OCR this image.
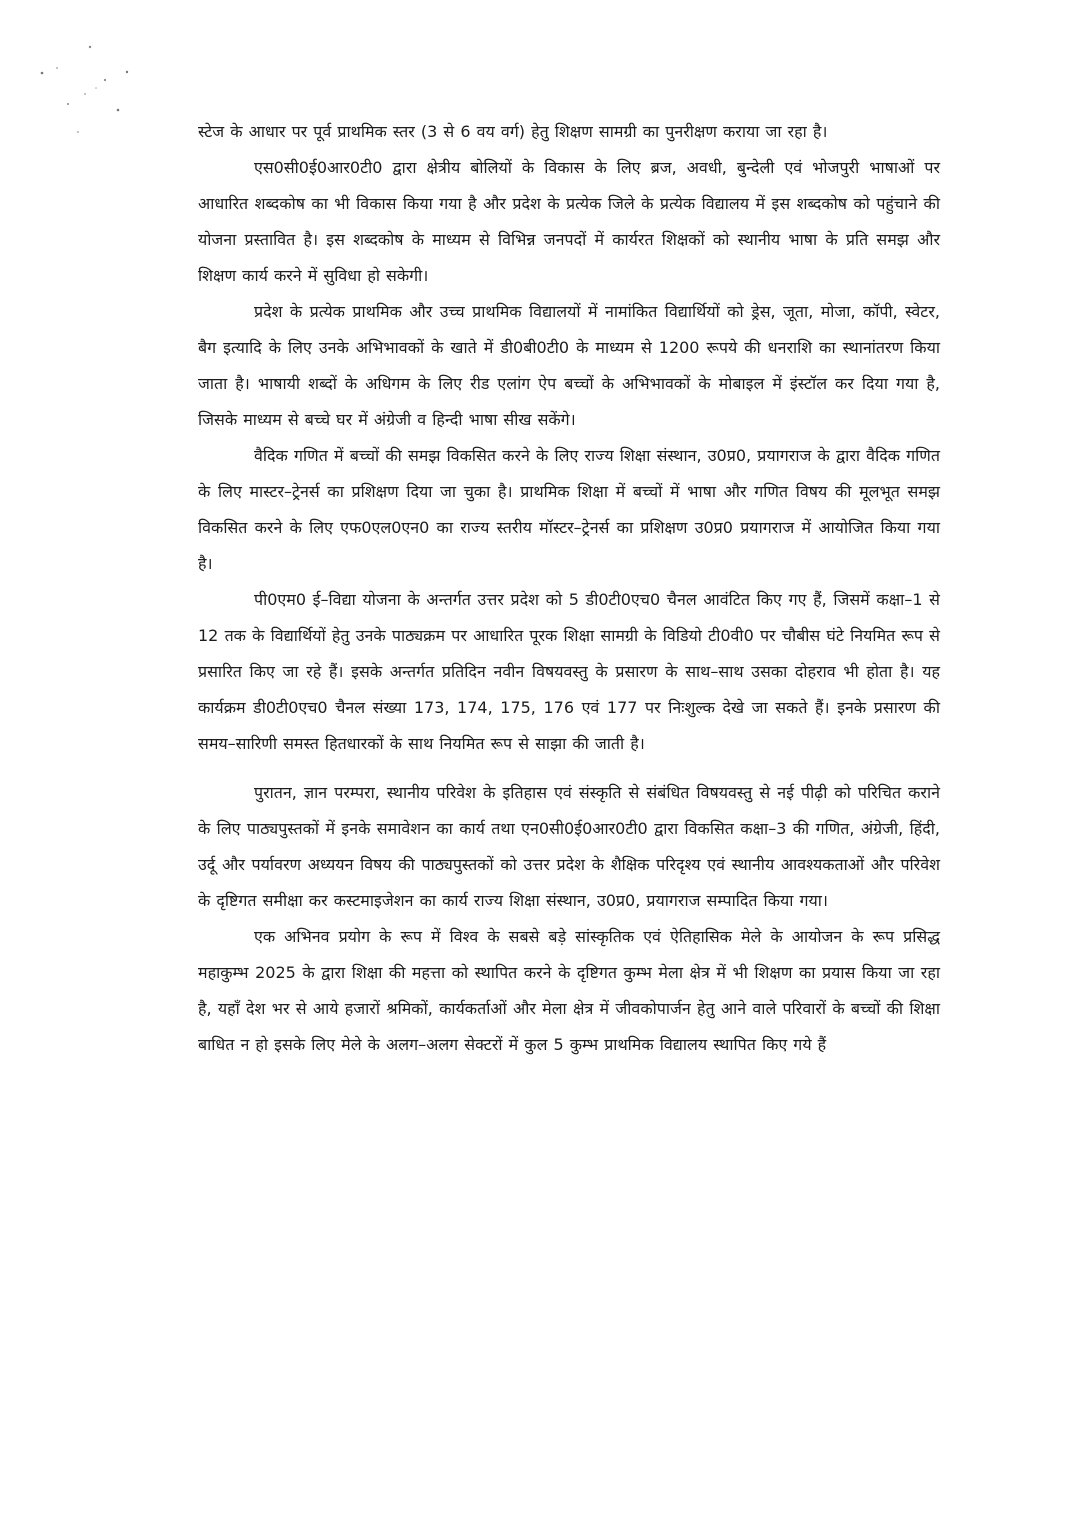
स्टेज के आधार पर पूर्व प्राथमिक स्तर (3 से 6 वय वर्ग) हेतु शिक्षण सामग्री का पुनरीक्षण कराया जा रहा है।

एस0सी0ई0आर0टी0 द्वारा क्षेत्रीय बोलियों के विकास के लिए ब्रज, अवधी, बुन्देली एवं भोजपुरी भाषाओं पर आधारित शब्दकोष का भी विकास किया गया है और प्रदेश के प्रत्येक जिले के प्रत्येक विद्यालय में इस शब्दकोष को पहुंचाने की योजना प्रस्तावित है। इस शब्दकोष के माध्यम से विभिन्न जनपदों में कार्यरत शिक्षकों को स्थानीय भाषा के प्रति समझ और शिक्षण कार्य करने में सुविधा हो सकेगी।

प्रदेश के प्रत्येक प्राथमिक और उच्च प्राथमिक विद्यालयों में नामांकित विद्यार्थियों को ड्रेस, जूता, मोजा, कॉपी, स्वेटर, बैग इत्यादि के लिए उनके अभिभावकों के खाते में डी0बी0टी0 के माध्यम से 1200 रूपये की धनराशि का स्थानांतरण किया जाता है। भाषायी शब्दों के अधिगम के लिए रीड एलांग ऐप बच्चों के अभिभावकों के मोबाइल में इंस्टॉल कर दिया गया है, जिसके माध्यम से बच्चे घर में अंग्रेजी व हिन्दी भाषा सीख सकेंगे।

वैदिक गणित में बच्चों की समझ विकसित करने के लिए राज्य शिक्षा संस्थान, उ0प्र0, प्रयागराज के द्वारा वैदिक गणित के लिए मास्टर–ट्रेनर्स का प्रशिक्षण दिया जा चुका है। प्राथमिक शिक्षा में बच्चों में भाषा और गणित विषय की मूलभूत समझ विकसित करने के लिए एफ0एल0एन0 का राज्य स्तरीय मॉस्टर–ट्रेनर्स का प्रशिक्षण उ0प्र0 प्रयागराज में आयोजित किया गया है।

पी0एम0 ई–विद्या योजना के अन्तर्गत उत्तर प्रदेश को 5 डी0टी0एच0 चैनल आवंटित किए गए हैं, जिसमें कक्षा–1 से 12 तक के विद्यार्थियों हेतु उनके पाठ्यक्रम पर आधारित पूरक शिक्षा सामग्री के विडियो टी0वी0 पर चौबीस घंटे नियमित रूप से प्रसारित किए जा रहे हैं। इसके अन्तर्गत प्रतिदिन नवीन विषयवस्तु के प्रसारण के साथ–साथ उसका दोहराव भी होता है। यह कार्यक्रम डी0टी0एच0 चैनल संख्या 173, 174, 175, 176 एवं 177 पर निःशुल्क देखे जा सकते हैं। इनके प्रसारण की समय–सारिणी समस्त हितधारकों के साथ नियमित रूप से साझा की जाती है।

पुरातन, ज्ञान परम्परा, स्थानीय परिवेश के इतिहास एवं संस्कृति से संबंधित विषयवस्तु से नई पीढ़ी को परिचित कराने के लिए पाठ्यपुस्तकों में इनके समावेशन का कार्य तथा एन0सी0ई0आर0टी0 द्वारा विकसित कक्षा–3 की गणित, अंग्रेजी, हिंदी, उर्दू और पर्यावरण अध्ययन विषय की पाठ्यपुस्तकों को उत्तर प्रदेश के शैक्षिक परिदृश्य एवं स्थानीय आवश्यकताओं और परिवेश के दृष्टिगत समीक्षा कर कस्टमाइजेशन का कार्य राज्य शिक्षा संस्थान, उ0प्र0, प्रयागराज सम्पादित किया गया।

एक अभिनव प्रयोग के रूप में विश्व के सबसे बड़े सांस्कृतिक एवं ऐतिहासिक मेले के आयोजन के रूप प्रसिद्ध महाकुम्भ 2025 के द्वारा शिक्षा की महत्ता को स्थापित करने के दृष्टिगत कुम्भ मेला क्षेत्र में भी शिक्षण का प्रयास किया जा रहा है, यहाँ देश भर से आये हजारों श्रमिकों, कार्यकर्ताओं और मेला क्षेत्र में जीवकोपार्जन हेतु आने वाले परिवारों के बच्चों की शिक्षा बाधित न हो इसके लिए मेले के अलग–अलग सेक्टरों में कुल 5 कुम्भ प्राथमिक विद्यालय स्थापित किए गये हैं
